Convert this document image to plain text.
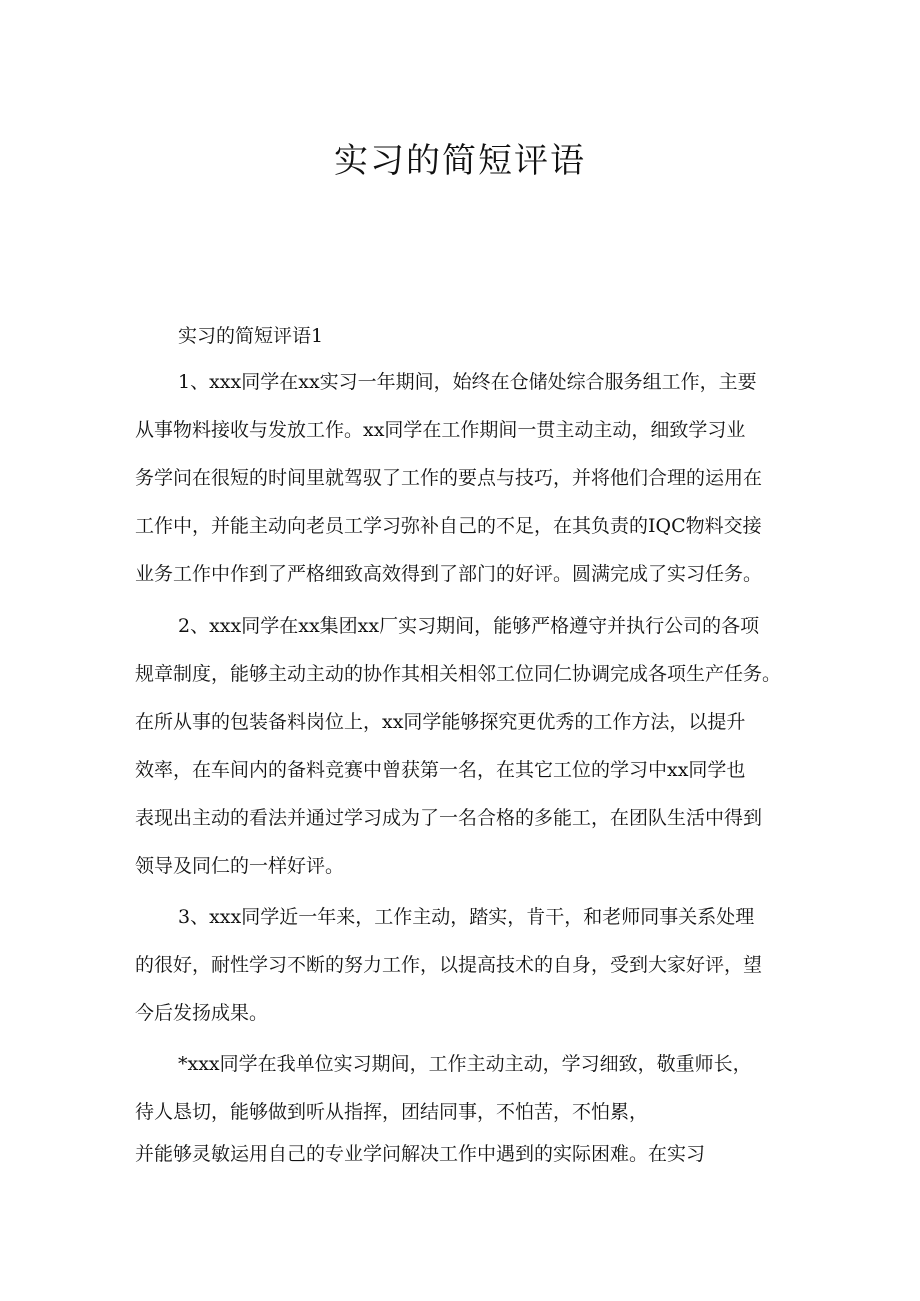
实习的简短评语

实习的简短评语1

1、xxx同学在xx实习一年期间，始终在仓储处综合服务组工作，主要
从事物料接收与发放工作。xx同学在工作期间一贯主动主动，细致学习业
务学问在很短的时间里就驾驭了工作的要点与技巧，并将他们合理的运用在
工作中，并能主动向老员工学习弥补自己的不足，在其负责的IQC物料交接
业务工作中作到了严格细致高效得到了部门的好评。圆满完成了实习任务。

2、xxx同学在xx集团xx厂实习期间，能够严格遵守并执行公司的各项
规章制度，能够主动主动的协作其相关相邻工位同仁协调完成各项生产任务。
在所从事的包装备料岗位上，xx同学能够探究更优秀的工作方法，以提升
效率，在车间内的备料竞赛中曾获第一名，在其它工位的学习中xx同学也
表现出主动的看法并通过学习成为了一名合格的多能工，在团队生活中得到
领导及同仁的一样好评。

3、xxx同学近一年来，工作主动，踏实，肯干，和老师同事关系处理
的很好，耐性学习不断的努力工作，以提高技术的自身，受到大家好评，望
今后发扬成果。

*xxx同学在我单位实习期间，工作主动主动，学习细致，敬重师长，
待人恳切，能够做到听从指挥，团结同事，不怕苦，不怕累，
并能够灵敏运用自己的专业学问解决工作中遇到的实际困难。在实习
